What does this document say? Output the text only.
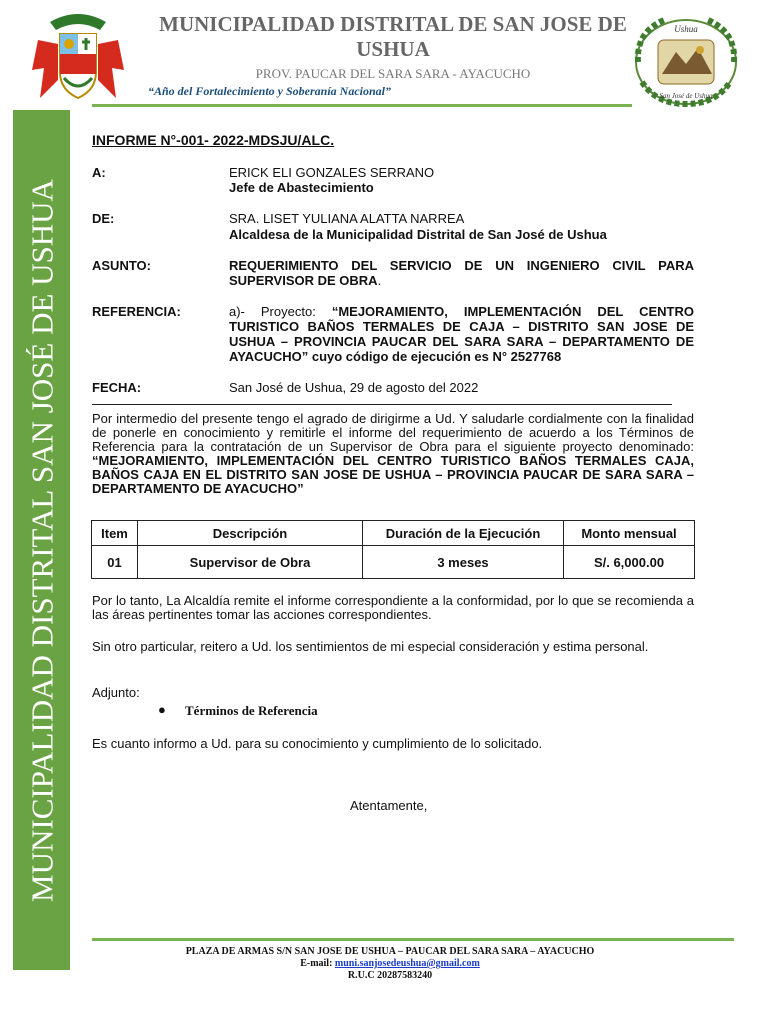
MUNICIPALIDAD DISTRITAL SAN JOSÉ DE USHUA
Ushua
San José de Ushua
MUNICIPALIDAD DISTRITAL DE SAN JOSE DE USHUA
PROV. PAUCAR DEL SARA SARA - AYACUCHO
“Año del Fortalecimiento y Soberanía Nacional”
INFORME N°-001- 2022-MDSJU/ALC.
A:	ERICK ELI GONZALES SERRANO
Jefe de Abastecimiento
DE:	SRA. LISET YULIANA ALATTA NARREA
Alcaldesa de la Municipalidad Distrital de San José de Ushua
ASUNTO:	REQUERIMIENTO DEL SERVICIO DE UN INGENIERO CIVIL PARA SUPERVISOR DE OBRA.
REFERENCIA:	a)- Proyecto: “MEJORAMIENTO, IMPLEMENTACIÓN DEL CENTRO TURISTICO BAÑOS TERMALES DE CAJA – DISTRITO SAN JOSE DE USHUA – PROVINCIA PAUCAR DEL SARA SARA – DEPARTAMENTO DE AYACUCHO” cuyo código de ejecución es N° 2527768
FECHA:	San José de Ushua, 29 de agosto del 2022
Por intermedio del presente tengo el agrado de dirigirme a Ud. Y saludarle cordialmente con la finalidad de ponerle en conocimiento y remitirle el informe del requerimiento de acuerdo a los Términos de Referencia para la contratación de un Supervisor de Obra para el siguiente proyecto denominado: “MEJORAMIENTO, IMPLEMENTACIÓN DEL CENTRO TURISTICO BAÑOS TERMALES CAJA, BAÑOS CAJA EN EL DISTRITO SAN JOSE DE USHUA – PROVINCIA PAUCAR DE SARA SARA – DEPARTAMENTO DE AYACUCHO”
Item	Descripción	Duración de la Ejecución	Monto mensual
01	Supervisor de Obra	3 meses	S/. 6,000.00
Por lo tanto, La Alcaldía remite el informe correspondiente a la conformidad, por lo que se recomienda a las áreas pertinentes tomar las acciones correspondientes.
Sin otro particular, reitero a Ud. los sentimientos de mi especial consideración y estima personal.
Adjunto:
● Términos de Referencia
Es cuanto informo a Ud. para su conocimiento y cumplimiento de lo solicitado.
Atentamente,
PLAZA DE ARMAS S/N SAN JOSE DE USHUA – PAUCAR DEL SARA SARA – AYACUCHO
E-mail: muni.sanjosedeushua@gmail.com
R.U.C 20287583240
